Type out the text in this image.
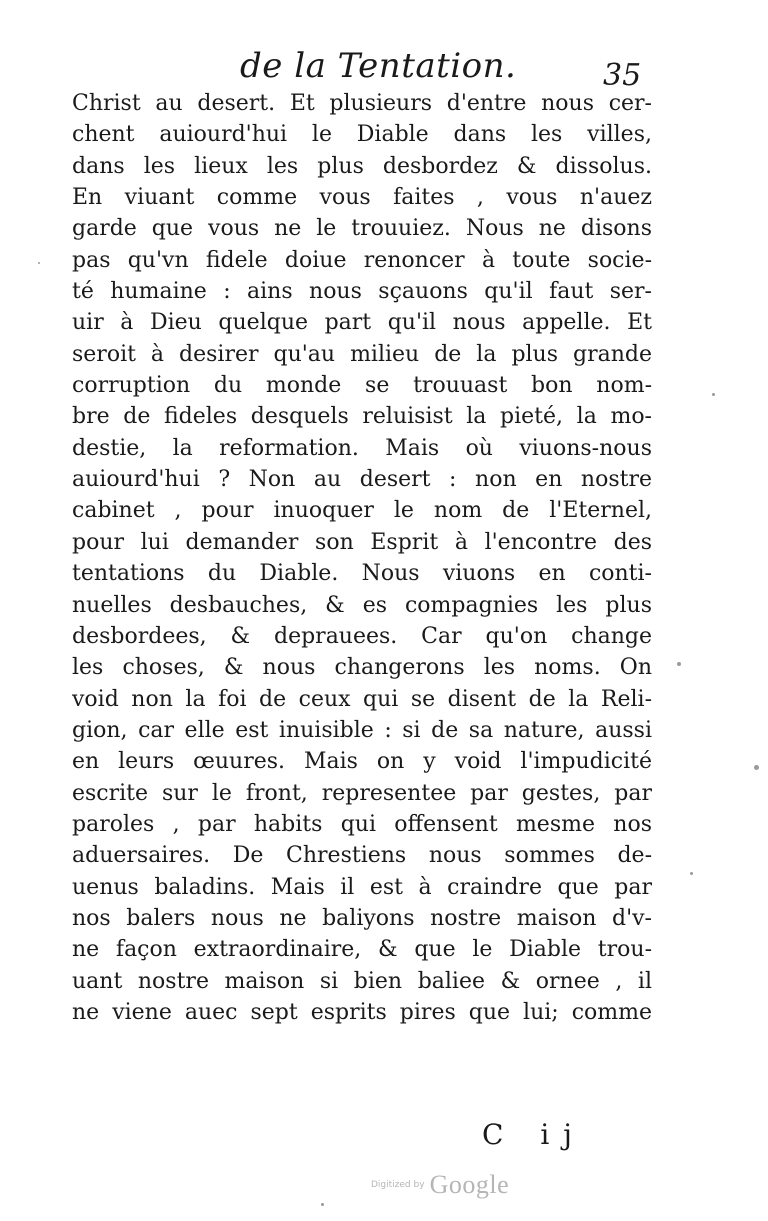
de la Tentation.	35
Christ au desert. Et plusieurs d'entre nous cer-
chent auiourd'hui le Diable dans les villes,
dans les lieux les plus desbordez & dissolus.
En viuant comme vous faites , vous n'auez
garde que vous ne le trouuiez. Nous ne disons
pas qu'vn fidele doiue renoncer à toute socie-
té humaine : ains nous sçauons qu'il faut ser-
uir à Dieu quelque part qu'il nous appelle. Et
seroit à desirer qu'au milieu de la plus grande
corruption du monde se trouuast bon nom-
bre de fideles desquels reluisist la pieté, la mo-
destie, la reformation. Mais où viuons-nous
auiourd'hui ? Non au desert : non en nostre
cabinet , pour inuoquer le nom de l'Eternel,
pour lui demander son Esprit à l'encontre des
tentations du Diable. Nous viuons en conti-
nuelles desbauches, & es compagnies les plus
desbordees, & deprauees. Car qu'on change
les choses, & nous changerons les noms. On
void non la foi de ceux qui se disent de la Reli-
gion, car elle est inuisible : si de sa nature, aussi
en leurs œuures. Mais on y void l'impudicité
escrite sur le front, representee par gestes, par
paroles , par habits qui offensent mesme nos
aduersaires. De Chrestiens nous sommes de-
uenus baladins. Mais il est à craindre que par
nos balers nous ne baliyons nostre maison d'v-
ne façon extraordinaire, & que le Diable trou-
uant nostre maison si bien baliee & ornee , il
ne viene auec sept esprits pires que lui; comme
C ij
Digitized by Google
